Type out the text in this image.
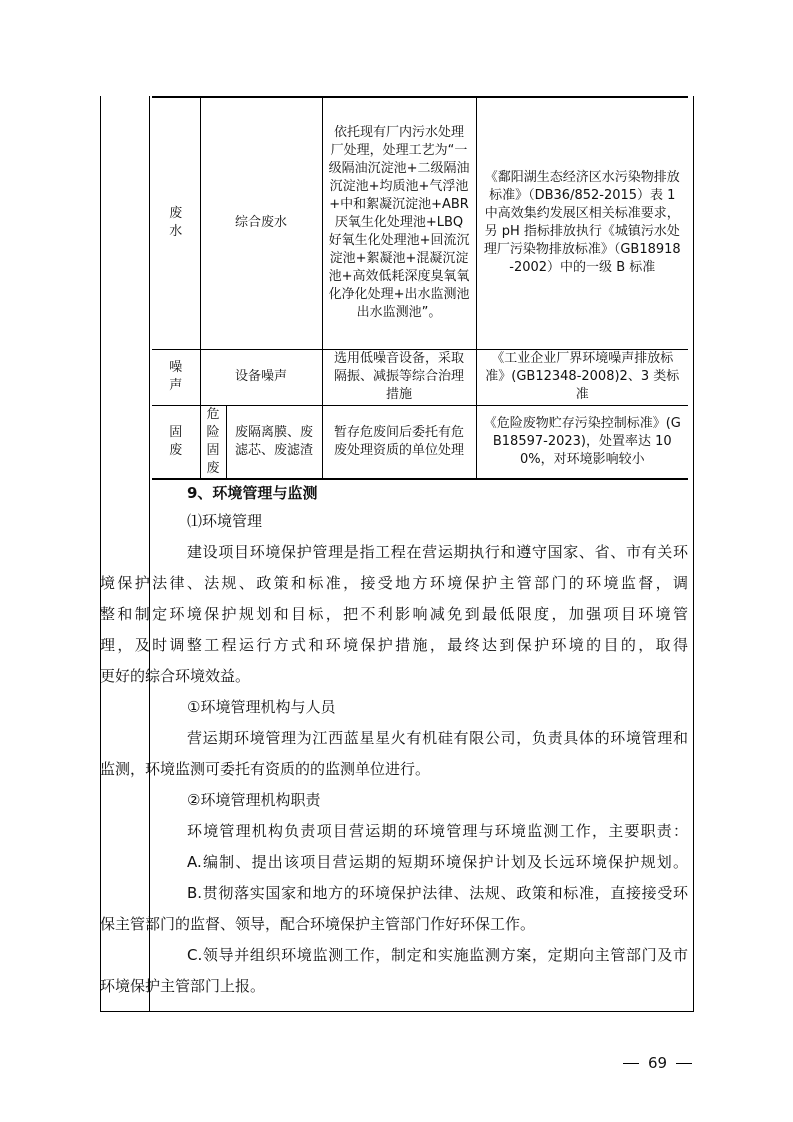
废水	综合废水		依托现有厂内污水处理厂处理，处理工艺为“一级隔油沉淀池+二级隔油沉淀池+均质池+气浮池+中和絮凝沉淀池+ABR 厌氧生化处理池+LBQ 好氧生化处理池+回流沉淀池+絮凝池+混凝沉淀池+高效低耗深度臭氧氧化净化处理+出水监测池出水监测池”。	《鄱阳湖生态经济区水污染物排放标准》（DB36/852-2015）表 1 中高效集约发展区相关标准要求，另 pH 指标排放执行《城镇污水处理厂污染物排放标准》（GB18918-2002）中的一级 B 标准
噪声	设备噪声		选用低噪音设备，采取隔振、减振等综合治理措施	《工业企业厂界环境噪声排放标准》(GB12348-2008)2、3 类标准
固废	危险固废	废隔离膜、废滤芯、废滤渣	暂存危废间后委托有危废处理资质的单位处理	《危险废物贮存污染控制标准》(GB18597-2023)，处置率达 100%，对环境影响较小
9、环境管理与监测
⑴环境管理
建设项目环境保护管理是指工程在营运期执行和遵守国家、省、市有关环
境保护法律、法规、政策和标准，接受地方环境保护主管部门的环境监督，调
整和制定环境保护规划和目标，把不利影响减免到最低限度，加强项目环境管
理，及时调整工程运行方式和环境保护措施，最终达到保护环境的目的，取得
更好的综合环境效益。
①环境管理机构与人员
营运期环境管理为江西蓝星星火有机硅有限公司，负责具体的环境管理和
监测，环境监测可委托有资质的的监测单位进行。
②环境管理机构职责
环境管理机构负责项目营运期的环境管理与环境监测工作，主要职责：
A.编制、提出该项目营运期的短期环境保护计划及长远环境保护规划。
B.贯彻落实国家和地方的环境保护法律、法规、政策和标准，直接接受环
保主管部门的监督、领导，配合环境保护主管部门作好环保工作。
C.领导并组织环境监测工作，制定和实施监测方案，定期向主管部门及市
环境保护主管部门上报。
69
